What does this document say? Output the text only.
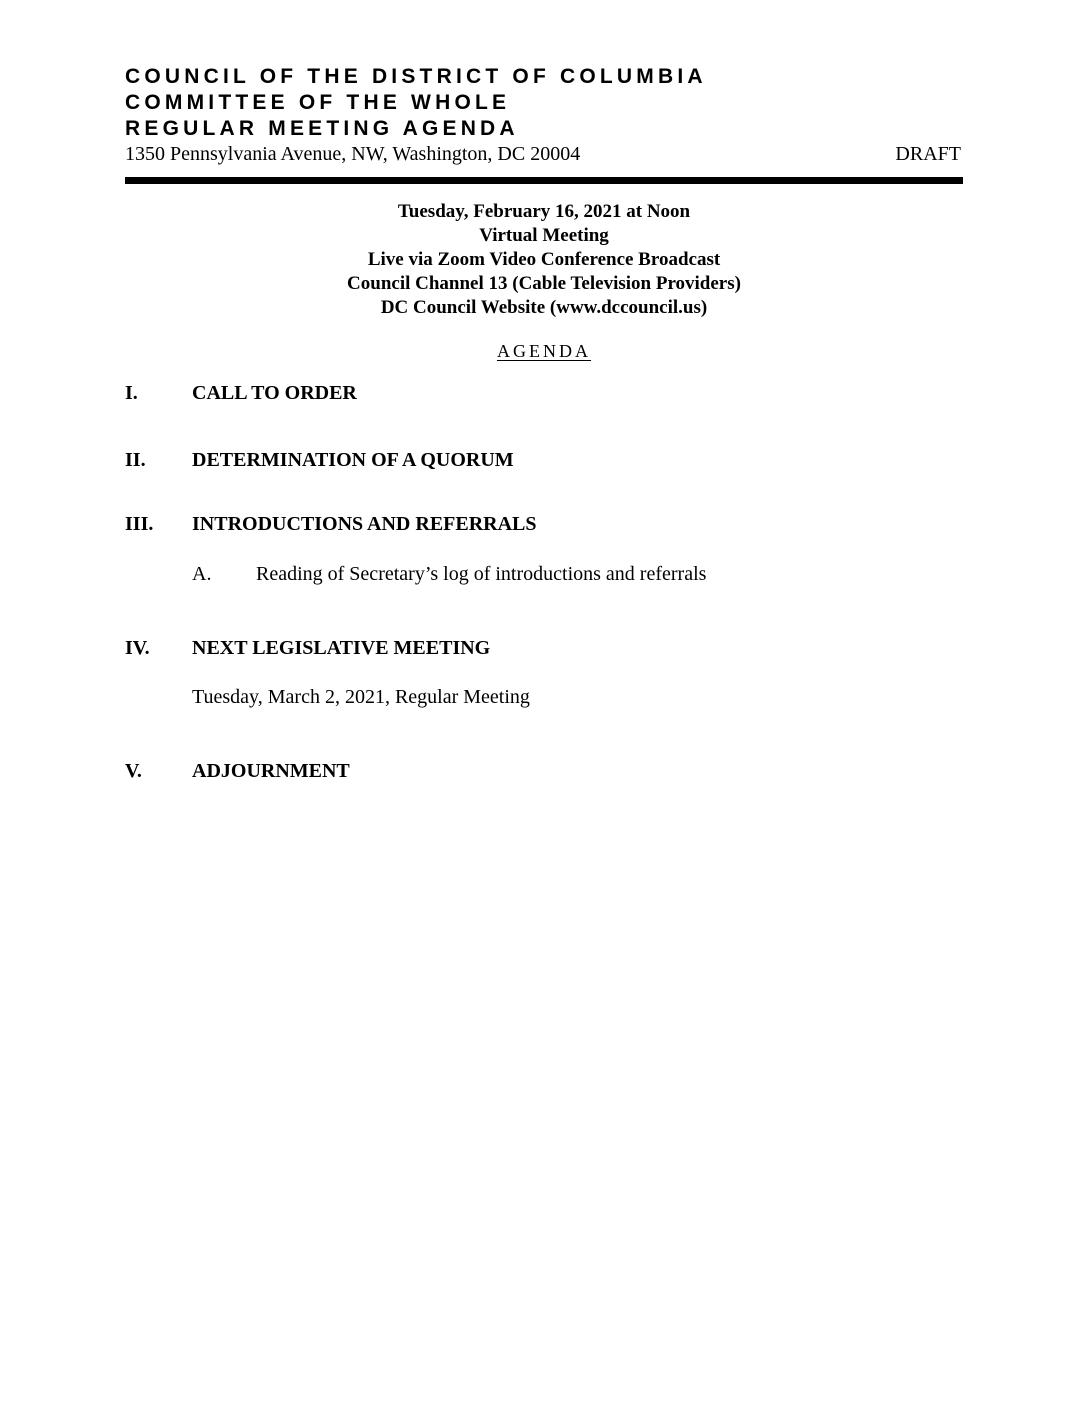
COUNCIL OF THE DISTRICT OF COLUMBIA
COMMITTEE OF THE WHOLE
REGULAR MEETING AGENDA
1350 Pennsylvania Avenue, NW, Washington, DC 20004	DRAFT
Tuesday, February 16, 2021 at Noon
Virtual Meeting
Live via Zoom Video Conference Broadcast
Council Channel 13 (Cable Television Providers)
DC Council Website (www.dccouncil.us)
AGENDA
I.	CALL TO ORDER
II. DETERMINATION OF A QUORUM
III. INTRODUCTIONS AND REFERRALS
A. Reading of Secretary’s log of introductions and referrals
IV. NEXT LEGISLATIVE MEETING
Tuesday, March 2, 2021, Regular Meeting
V.	ADJOURNMENT
